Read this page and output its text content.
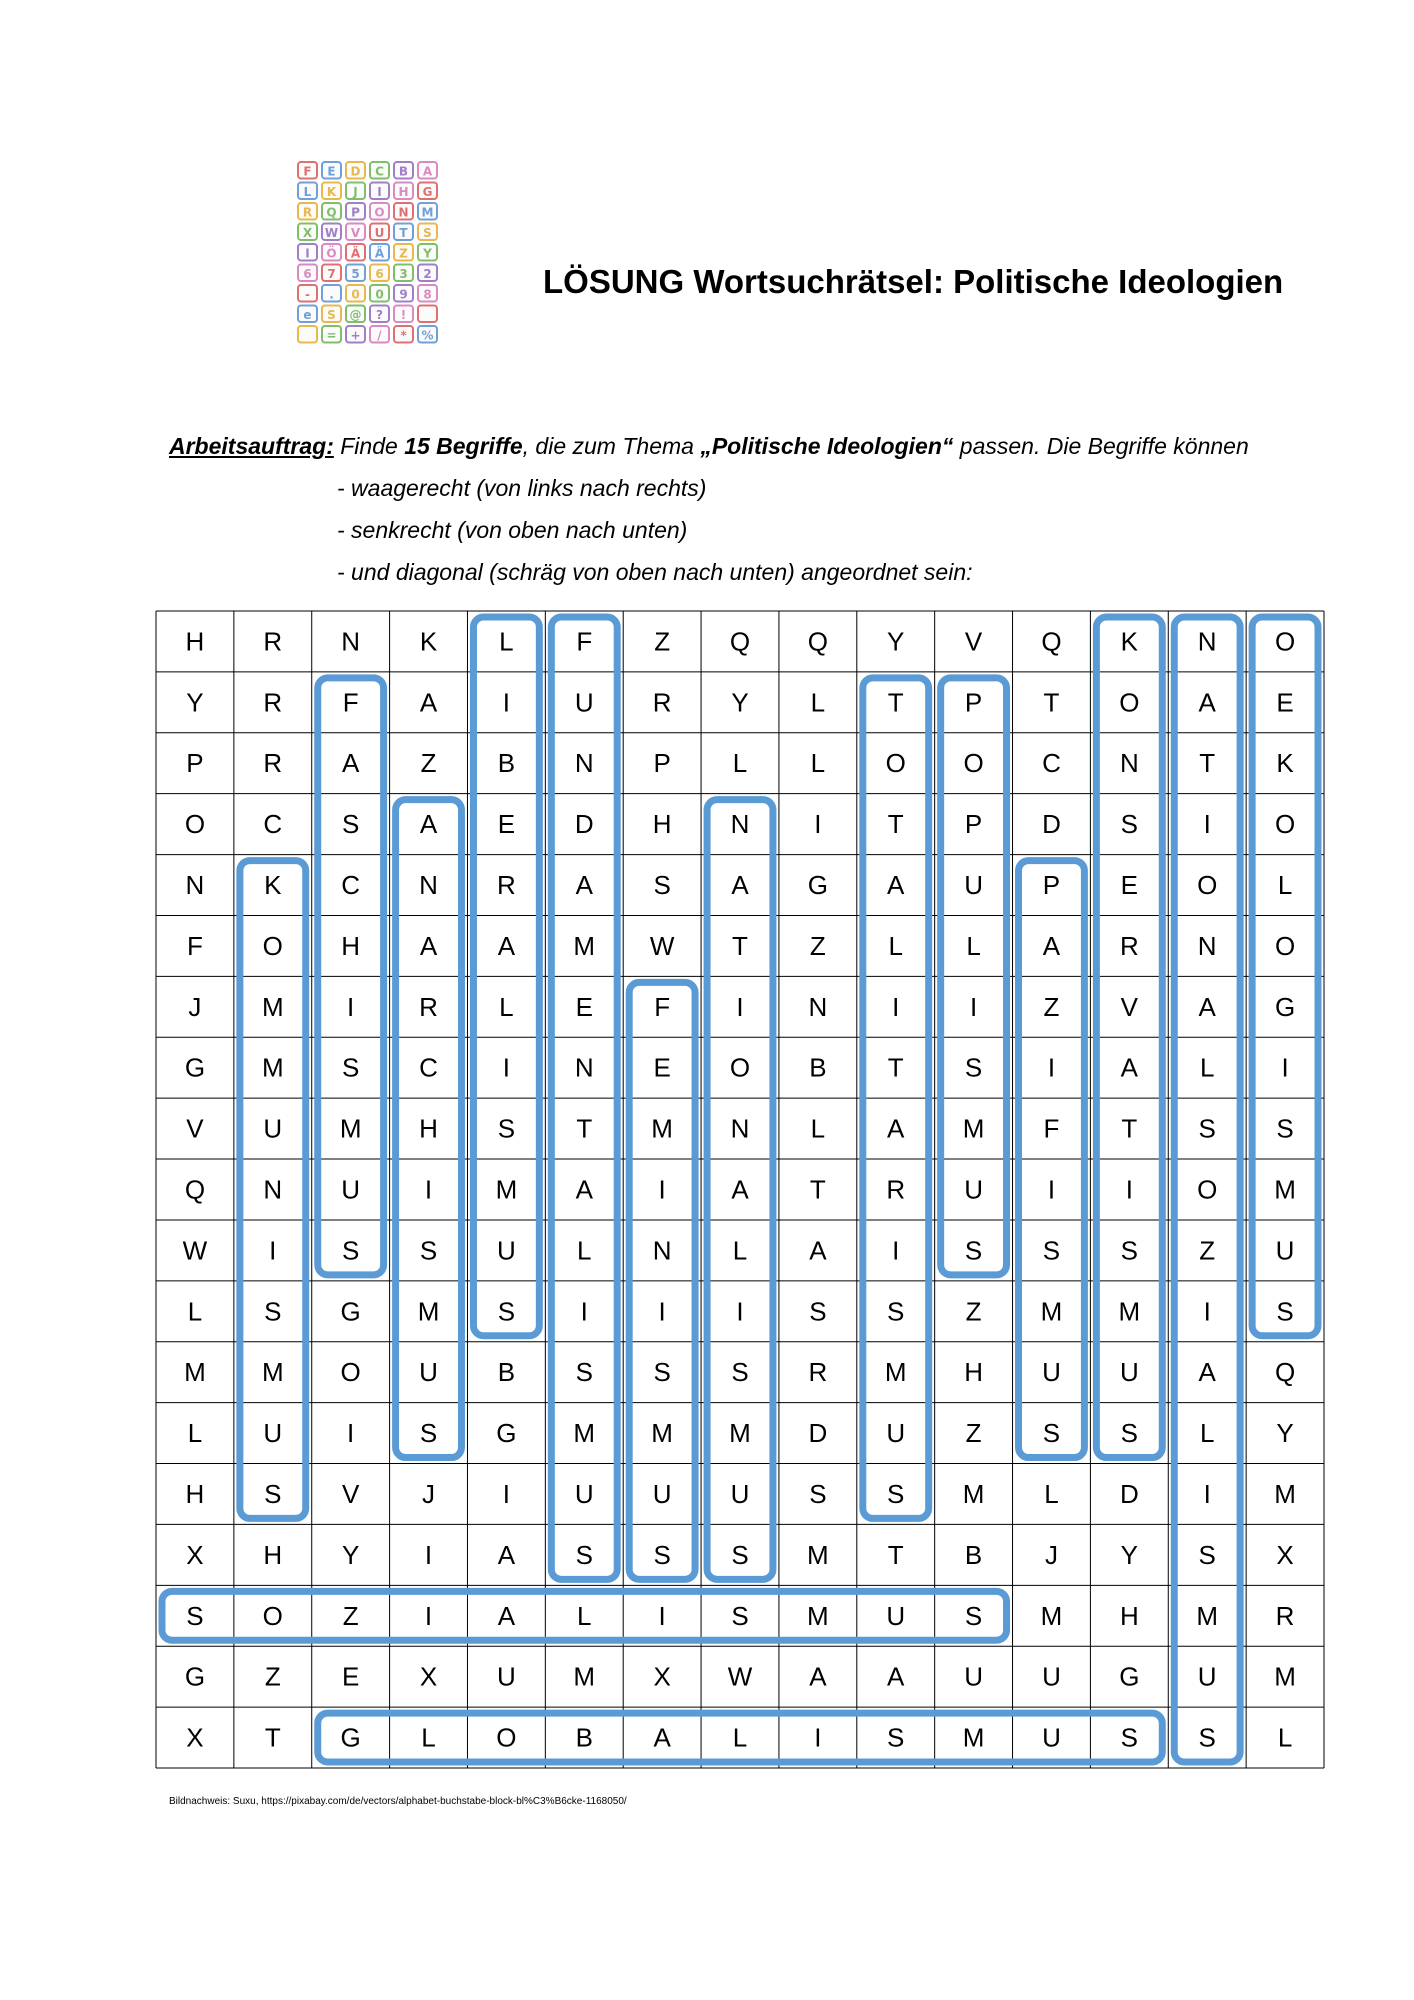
F E D C B A
L K J I H G
R Q P O N M
X W V U T S
I Ö Ä Ä Z Y
6 7 5 6 3 2
- . 0 0 9 8
e S @ ? !
= + / * %
LÖSUNG Wortsuchrätsel: Politische Ideologien
Arbeitsauftrag: Finde 15 Begriffe, die zum Thema „Politische Ideologien“ passen. Die Begriffe können
- waagerecht (von links nach rechts)
- senkrecht (von oben nach unten)
- und diagonal (schräg von oben nach unten) angeordnet sein:
H R N K L F Z Q Q Y V Q K N O
Y R F A	I U R Y L T P T O A E
P R A Z B N P L L O O C N T K
O C S A E D H N I	T P D S	I O
N K C N R A S A G A U P E O L
F O H A A M W T Z L L A R N O
J M I R L E F	I N I	I	Z V A G
G M S C I N E O B T S	I	A L	I
V U M H S T M N L A M F T S S
Q N U I M A	I	A T R U I	I O M
W I	S S U L N L A	I	S S S Z U
L S G M S	I	I	I	S S Z M M I	S
M M O U B S S S R M H U U A Q
L U I	S G M M M D U Z S S L Y
H S V J	I U U U S S M L D I M
X H Y	I	A S S S M T B J Y S X
S O Z	I	A L	I	S M U S M H M R
G Z E X U M X W A A U U G U M
X T G L O B A L	I	S M U S S L
Bildnachweis: Suxu, https://pixabay.com/de/vectors/alphabet-buchstabe-block-bl%C3%B6cke-1168050/
